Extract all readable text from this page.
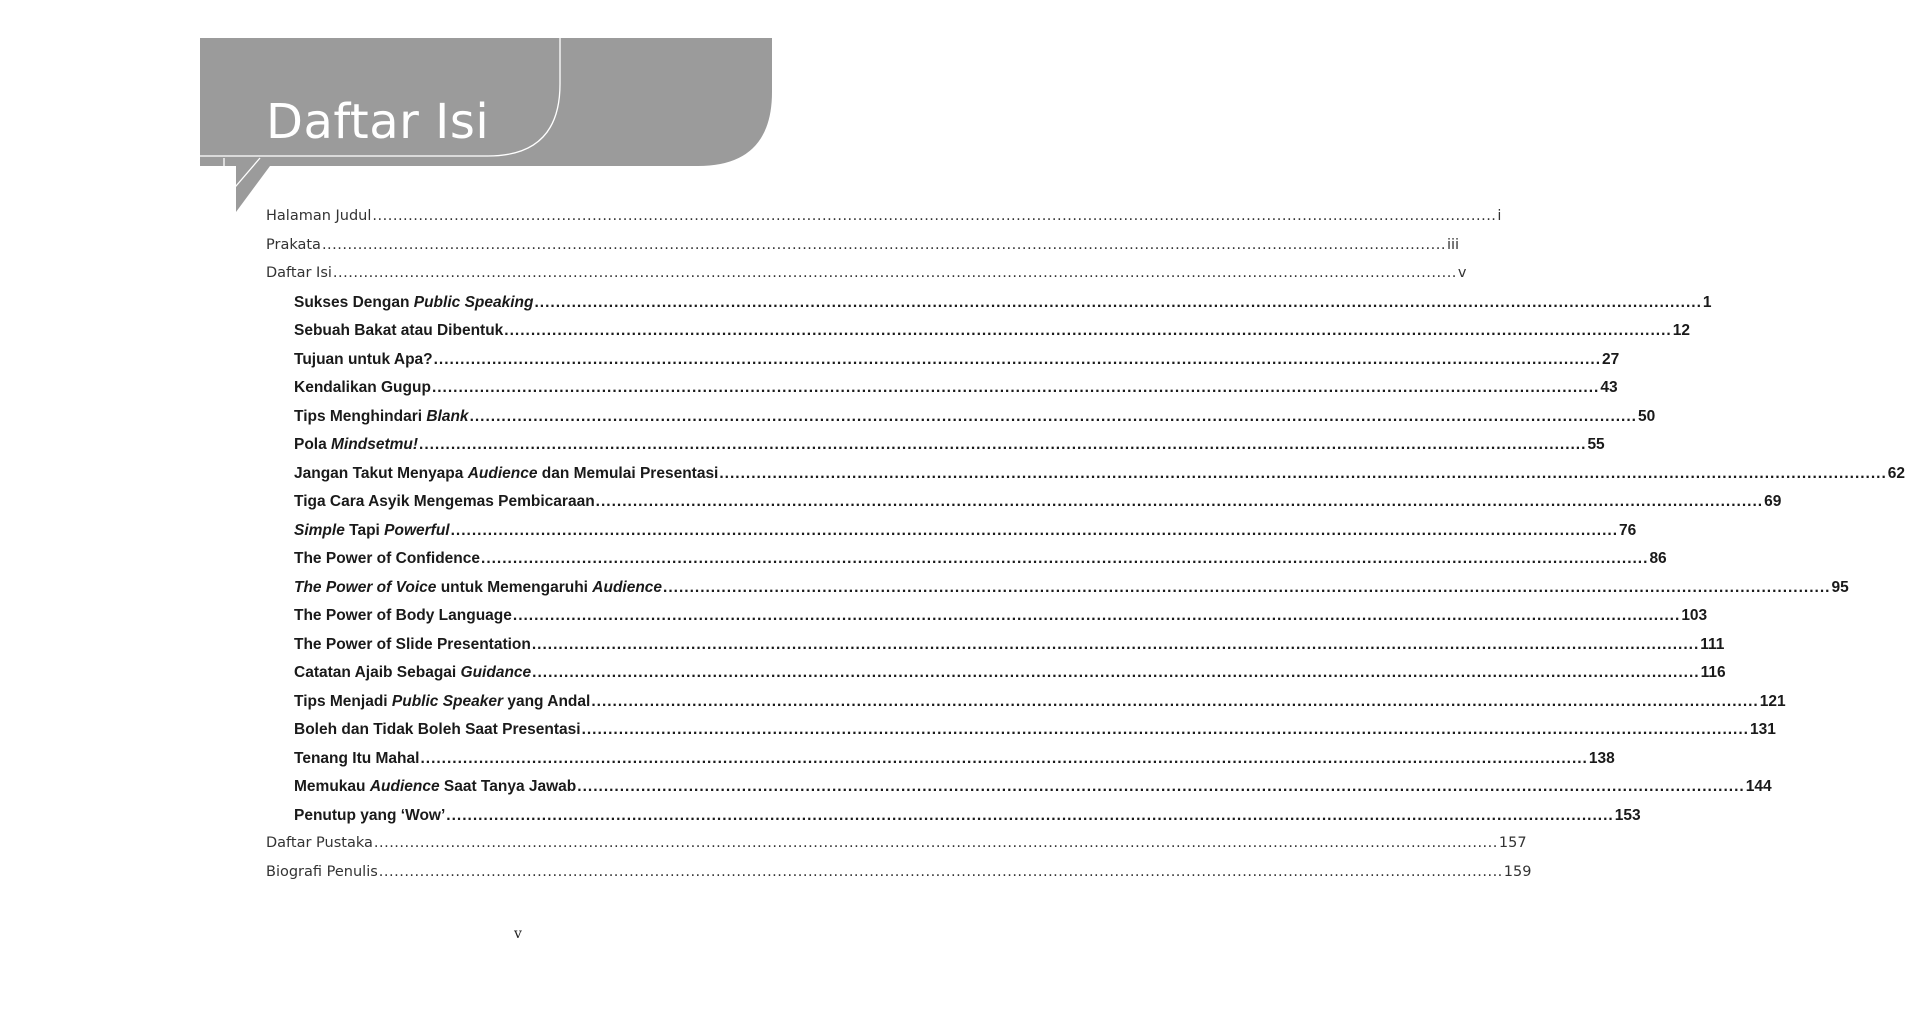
Daftar Isi
Halaman Judul ............................................................................................................................................................................................................................ i
Prakata ............................................................................................................................................................................................................................ iii
Daftar Isi ............................................................................................................................................................................................................................ v
Sukses Dengan Public Speaking ............................................................................................................................................................................................................................ 1
Sebuah Bakat atau Dibentuk ............................................................................................................................................................................................................................ 12
Tujuan untuk Apa? ............................................................................................................................................................................................................................ 27
Kendalikan Gugup ............................................................................................................................................................................................................................ 43
Tips Menghindari Blank ............................................................................................................................................................................................................................ 50
Pola Mindsetmu! ............................................................................................................................................................................................................................ 55
Jangan Takut Menyapa Audience dan Memulai Presentasi ............................................................................................................................................................................................................................ 62
Tiga Cara Asyik Mengemas Pembicaraan ............................................................................................................................................................................................................................ 69
Simple Tapi Powerful ............................................................................................................................................................................................................................ 76
The Power of Confidence ............................................................................................................................................................................................................................ 86
The Power of Voice untuk Memengaruhi Audience ............................................................................................................................................................................................................................ 95
The Power of Body Language ............................................................................................................................................................................................................................ 103
The Power of Slide Presentation ............................................................................................................................................................................................................................ 111
Catatan Ajaib Sebagai Guidance ............................................................................................................................................................................................................................ 116
Tips Menjadi Public Speaker yang Andal ............................................................................................................................................................................................................................ 121
Boleh dan Tidak Boleh Saat Presentasi ............................................................................................................................................................................................................................ 131
Tenang Itu Mahal ............................................................................................................................................................................................................................ 138
Memukau Audience Saat Tanya Jawab ............................................................................................................................................................................................................................ 144
Penutup yang ‘Wow’ ............................................................................................................................................................................................................................ 153
Daftar Pustaka ............................................................................................................................................................................................................................ 157
Biografi Penulis ............................................................................................................................................................................................................................ 159
v
